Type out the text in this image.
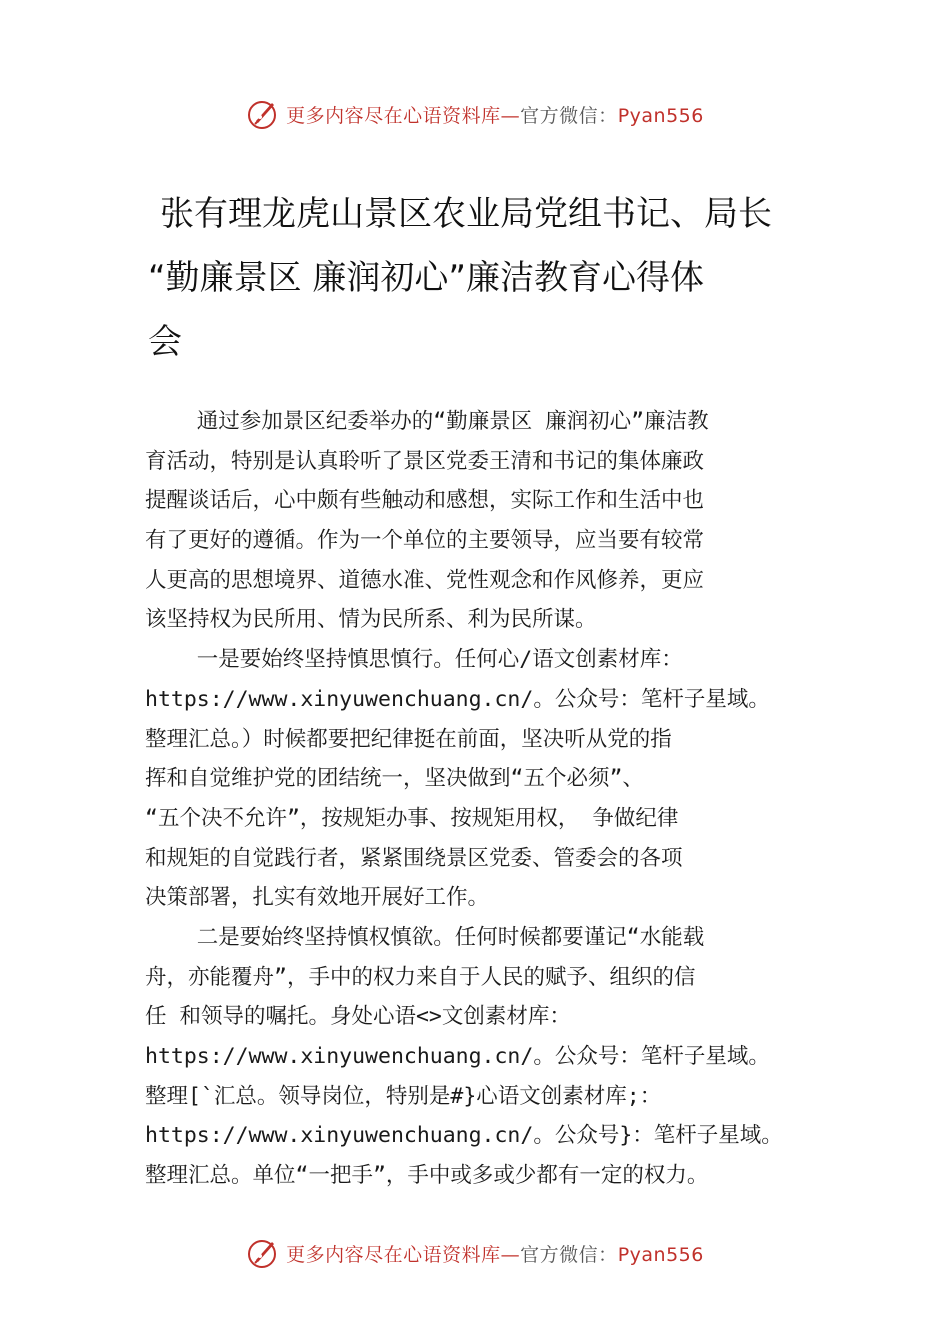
更多内容尽在心语资料库—官方微信：Pyan556
张有理龙虎山景区农业局党组书记、局长
“勤廉景区 廉润初心”廉洁教育心得体
会
通过参加景区纪委举办的“勤廉景区 廉润初心”廉洁教
育活动，特别是认真聆听了景区党委王清和书记的集体廉政
提醒谈话后，心中颇有些触动和感想，实际工作和生活中也
有了更好的遵循。作为一个单位的主要领导，应当要有较常
人更高的思想境界、道德水准、党性观念和作风修养，更应
该坚持权为民所用、情为民所系、利为民所谋。
一是要始终坚持慎思慎行。任何心/语文创素材库：
https://www.xinyuwenchuang.cn/。公众号：笔杆子星域。
整理汇总。）时候都要把纪律挺在前面，坚决听从党的指
挥和自觉维护党的团结统一，坚决做到“五个必须”、
“五个决不允许”，按规矩办事、按规矩用权， 争做纪律
和规矩的自觉践行者，紧紧围绕景区党委、管委会的各项
决策部署，扎实有效地开展好工作。
二是要始终坚持慎权慎欲。任何时候都要谨记“水能载
舟，亦能覆舟”，手中的权力来自于人民的赋予、组织的信
任 和领导的嘱托。身处心语<>文创素材库：
https://www.xinyuwenchuang.cn/。公众号：笔杆子星域。
整理[`汇总。领导岗位，特别是#}心语文创素材库;：
https://www.xinyuwenchuang.cn/。公众号}：笔杆子星域。
整理汇总。单位“一把手”，手中或多或少都有一定的权力。
更多内容尽在心语资料库—官方微信：Pyan556
